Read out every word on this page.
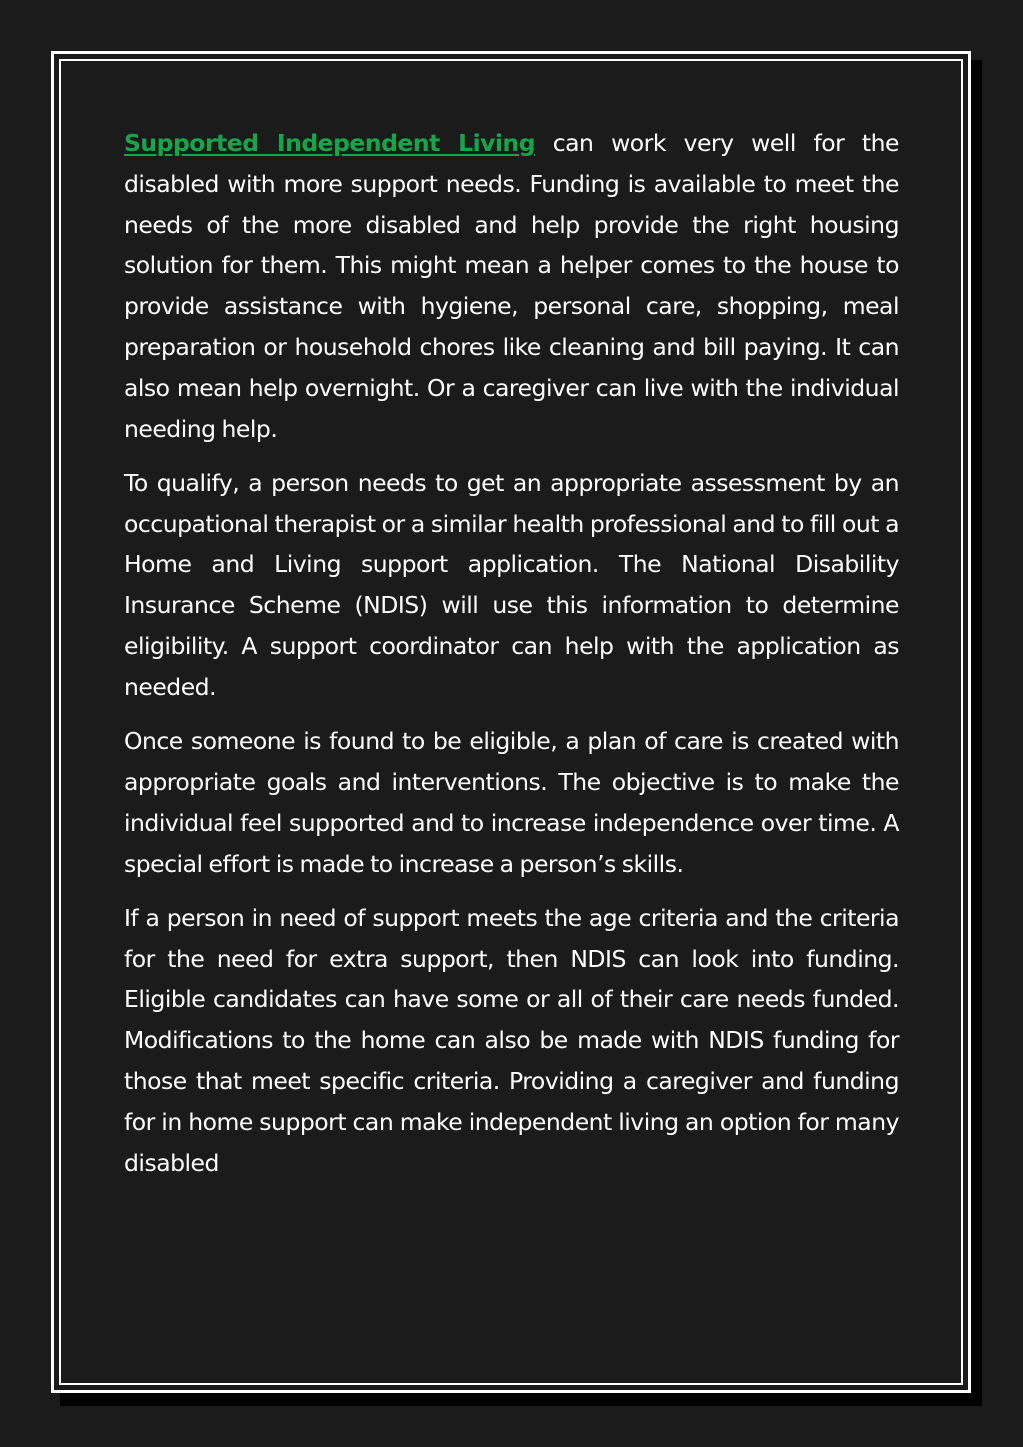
Supported Independent Living can work very well for the disabled with more support needs. Funding is available to meet the needs of the more disabled and help provide the right housing solution for them. This might mean a helper comes to the house to provide assistance with hygiene, personal care, shopping, meal preparation or household chores like cleaning and bill paying. It can also mean help overnight. Or a caregiver can live with the individual needing help.

To qualify, a person needs to get an appropriate assessment by an occupational therapist or a similar health professional and to fill out a Home and Living support application. The National Disability Insurance Scheme (NDIS) will use this information to determine eligibility. A support coordinator can help with the application as needed.

Once someone is found to be eligible, a plan of care is created with appropriate goals and interventions. The objective is to make the individual feel supported and to increase independence over time. A special effort is made to increase a person’s skills.

If a person in need of support meets the age criteria and the criteria for the need for extra support, then NDIS can look into funding. Eligible candidates can have some or all of their care needs funded. Modifications to the home can also be made with NDIS funding for those that meet specific criteria. Providing a caregiver and funding for in home support can make independent living an option for many disabled
